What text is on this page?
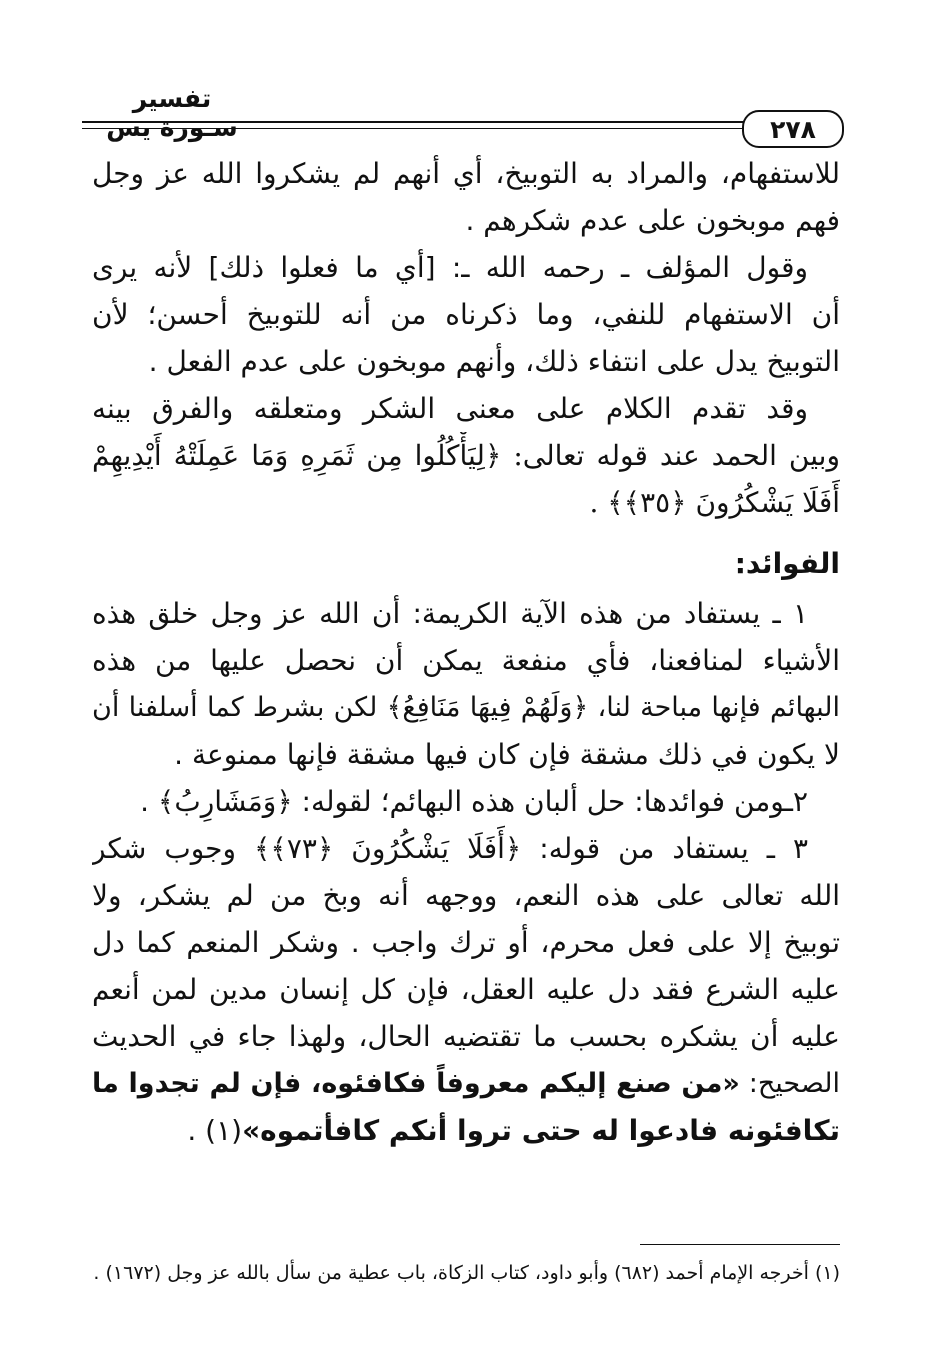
تفسير سـورة يس	٢٧٨
للاستفهام، والمراد به التوبيخ، أي أنهم لم يشكروا الله عز وجل
فهم موبخون على عدم شكرهم .
وقول المؤلف ـ رحمه الله ـ: [أي ما فعلوا ذلك] لأنه يرى
أن الاستفهام للنفي، وما ذكرناه من أنه للتوبيخ أحسن؛ لأن
التوبيخ يدل على انتفاء ذلك، وأنهم موبخون على عدم الفعل .
وقد تقدم الكلام على معنى الشكر ومتعلقه والفرق بينه
وبين الحمد عند قوله تعالى: ﴿لِيَأْكُلُوا مِن ثَمَرِهِ وَمَا عَمِلَتْهُ أَيْدِيهِمْ
أَفَلَا يَشْكُرُونَ ﴿٣٥﴾﴾ .
الفوائد:
١ ـ يستفاد من هذه الآية الكريمة: أن الله عز وجل خلق هذه
الأشياء لمنافعنا، فأي منفعة يمكن أن نحصل عليها من هذه
البهائم فإنها مباحة لنا، ﴿وَلَهُمْ فِيهَا مَنَافِعُ﴾ لكن بشرط كما أسلفنا أن
لا يكون في ذلك مشقة فإن كان فيها مشقة فإنها ممنوعة .
٢ـومن فوائدها: حل ألبان هذه البهائم؛ لقوله: ﴿وَمَشَارِبُ﴾ .
٣ ـ يستفاد من قوله: ﴿أَفَلَا يَشْكُرُونَ ﴿٧٣﴾﴾ وجوب شكر
الله تعالى على هذه النعم، ووجهه أنه وبخ من لم يشكر، ولا
توبيخ إلا على فعل محرم، أو ترك واجب . وشكر المنعم كما دل
عليه الشرع فقد دل عليه العقل، فإن كل إنسان مدين لمن أنعم
عليه أن يشكره بحسب ما تقتضيه الحال، ولهذا جاء في الحديث
الصحيح: «من صنع إليكم معروفاً فكافئوه، فإن لم تجدوا ما
تكافئونه فادعوا له حتى تروا أنكم كافأتموه»(١) .
(١) أخرجه الإمام أحمد (٦٨٢) وأبو داود، كتاب الزكاة، باب عطية من سأل بالله عز وجل (١٦٧٢) .
